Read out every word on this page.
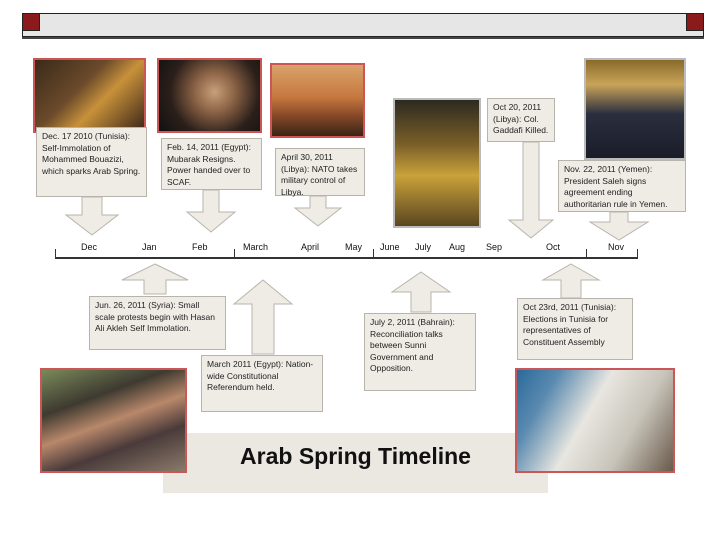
Dec. 17 2010 (Tunisia): Self-Immolation of Mohammed Bouazizi, which sparks Arab Spring.
Feb. 14, 2011 (Egypt): Mubarak Resigns. Power handed over to SCAF.
April 30, 2011 (Libya): NATO takes military control of Libya.
Oct 20, 2011 (Libya): Col. Gaddafi Killed.
Nov. 22, 2011 (Yemen): President Saleh signs agreement ending authoritarian rule in Yemen.
Dec	Jan	Feb	March	April	May June July Aug Sep	Oct	Nov
Jun. 26, 2011 (Syria): Small scale protests begin with Hasan Ali Akleh Self Immolation.
March 2011 (Egypt): Nation-wide Constitutional Referendum held.
July 2, 2011 (Bahrain): Reconciliation talks between Sunni Government and Opposition.
Oct 23rd, 2011 (Tunisia): Elections in Tunisia for representatives of Constituent Assembly
Arab Spring Timeline
